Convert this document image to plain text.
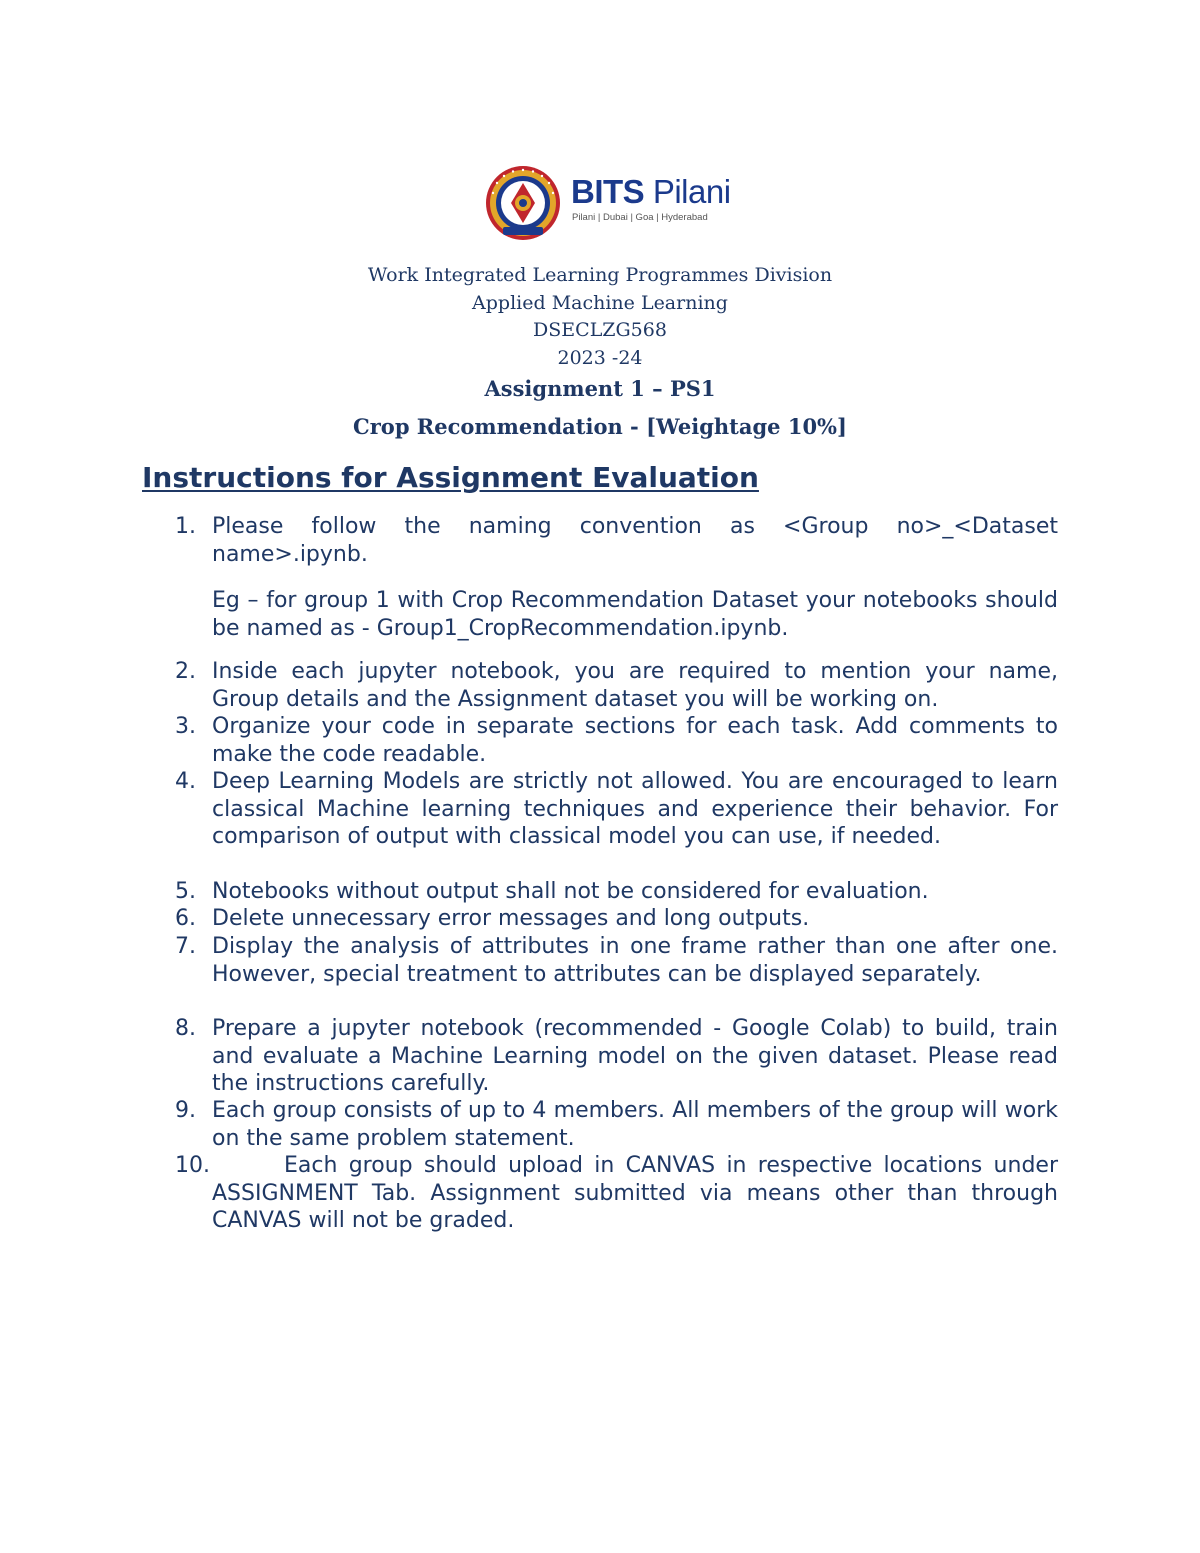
BITS Pilani
Pilani | Dubai | Goa | Hyderabad
Work Integrated Learning Programmes Division
Applied Machine Learning
DSECLZG568
2023 -24
Assignment 1 – PS1
Crop Recommendation - [Weightage 10%]
Instructions for Assignment Evaluation
1. Please follow the naming convention as <Group no>_<Dataset name>.ipynb.
Eg – for group 1 with Crop Recommendation Dataset your notebooks should be named as - Group1_CropRecommendation.ipynb.
2. Inside each jupyter notebook, you are required to mention your name, Group details and the Assignment dataset you will be working on.
3. Organize your code in separate sections for each task. Add comments to make the code readable.
4. Deep Learning Models are strictly not allowed. You are encouraged to learn classical Machine learning techniques and experience their behavior. For comparison of output with classical model you can use, if needed.
5. Notebooks without output shall not be considered for evaluation.
6. Delete unnecessary error messages and long outputs.
7. Display the analysis of attributes in one frame rather than one after one. However, special treatment to attributes can be displayed separately.
8. Prepare a jupyter notebook (recommended - Google Colab) to build, train and evaluate a Machine Learning model on the given dataset. Please read the instructions carefully.
9. Each group consists of up to 4 members. All members of the group will work on the same problem statement.
10.	Each group should upload in CANVAS in respective locations under ASSIGNMENT Tab. Assignment submitted via means other than through CANVAS will not be graded.
